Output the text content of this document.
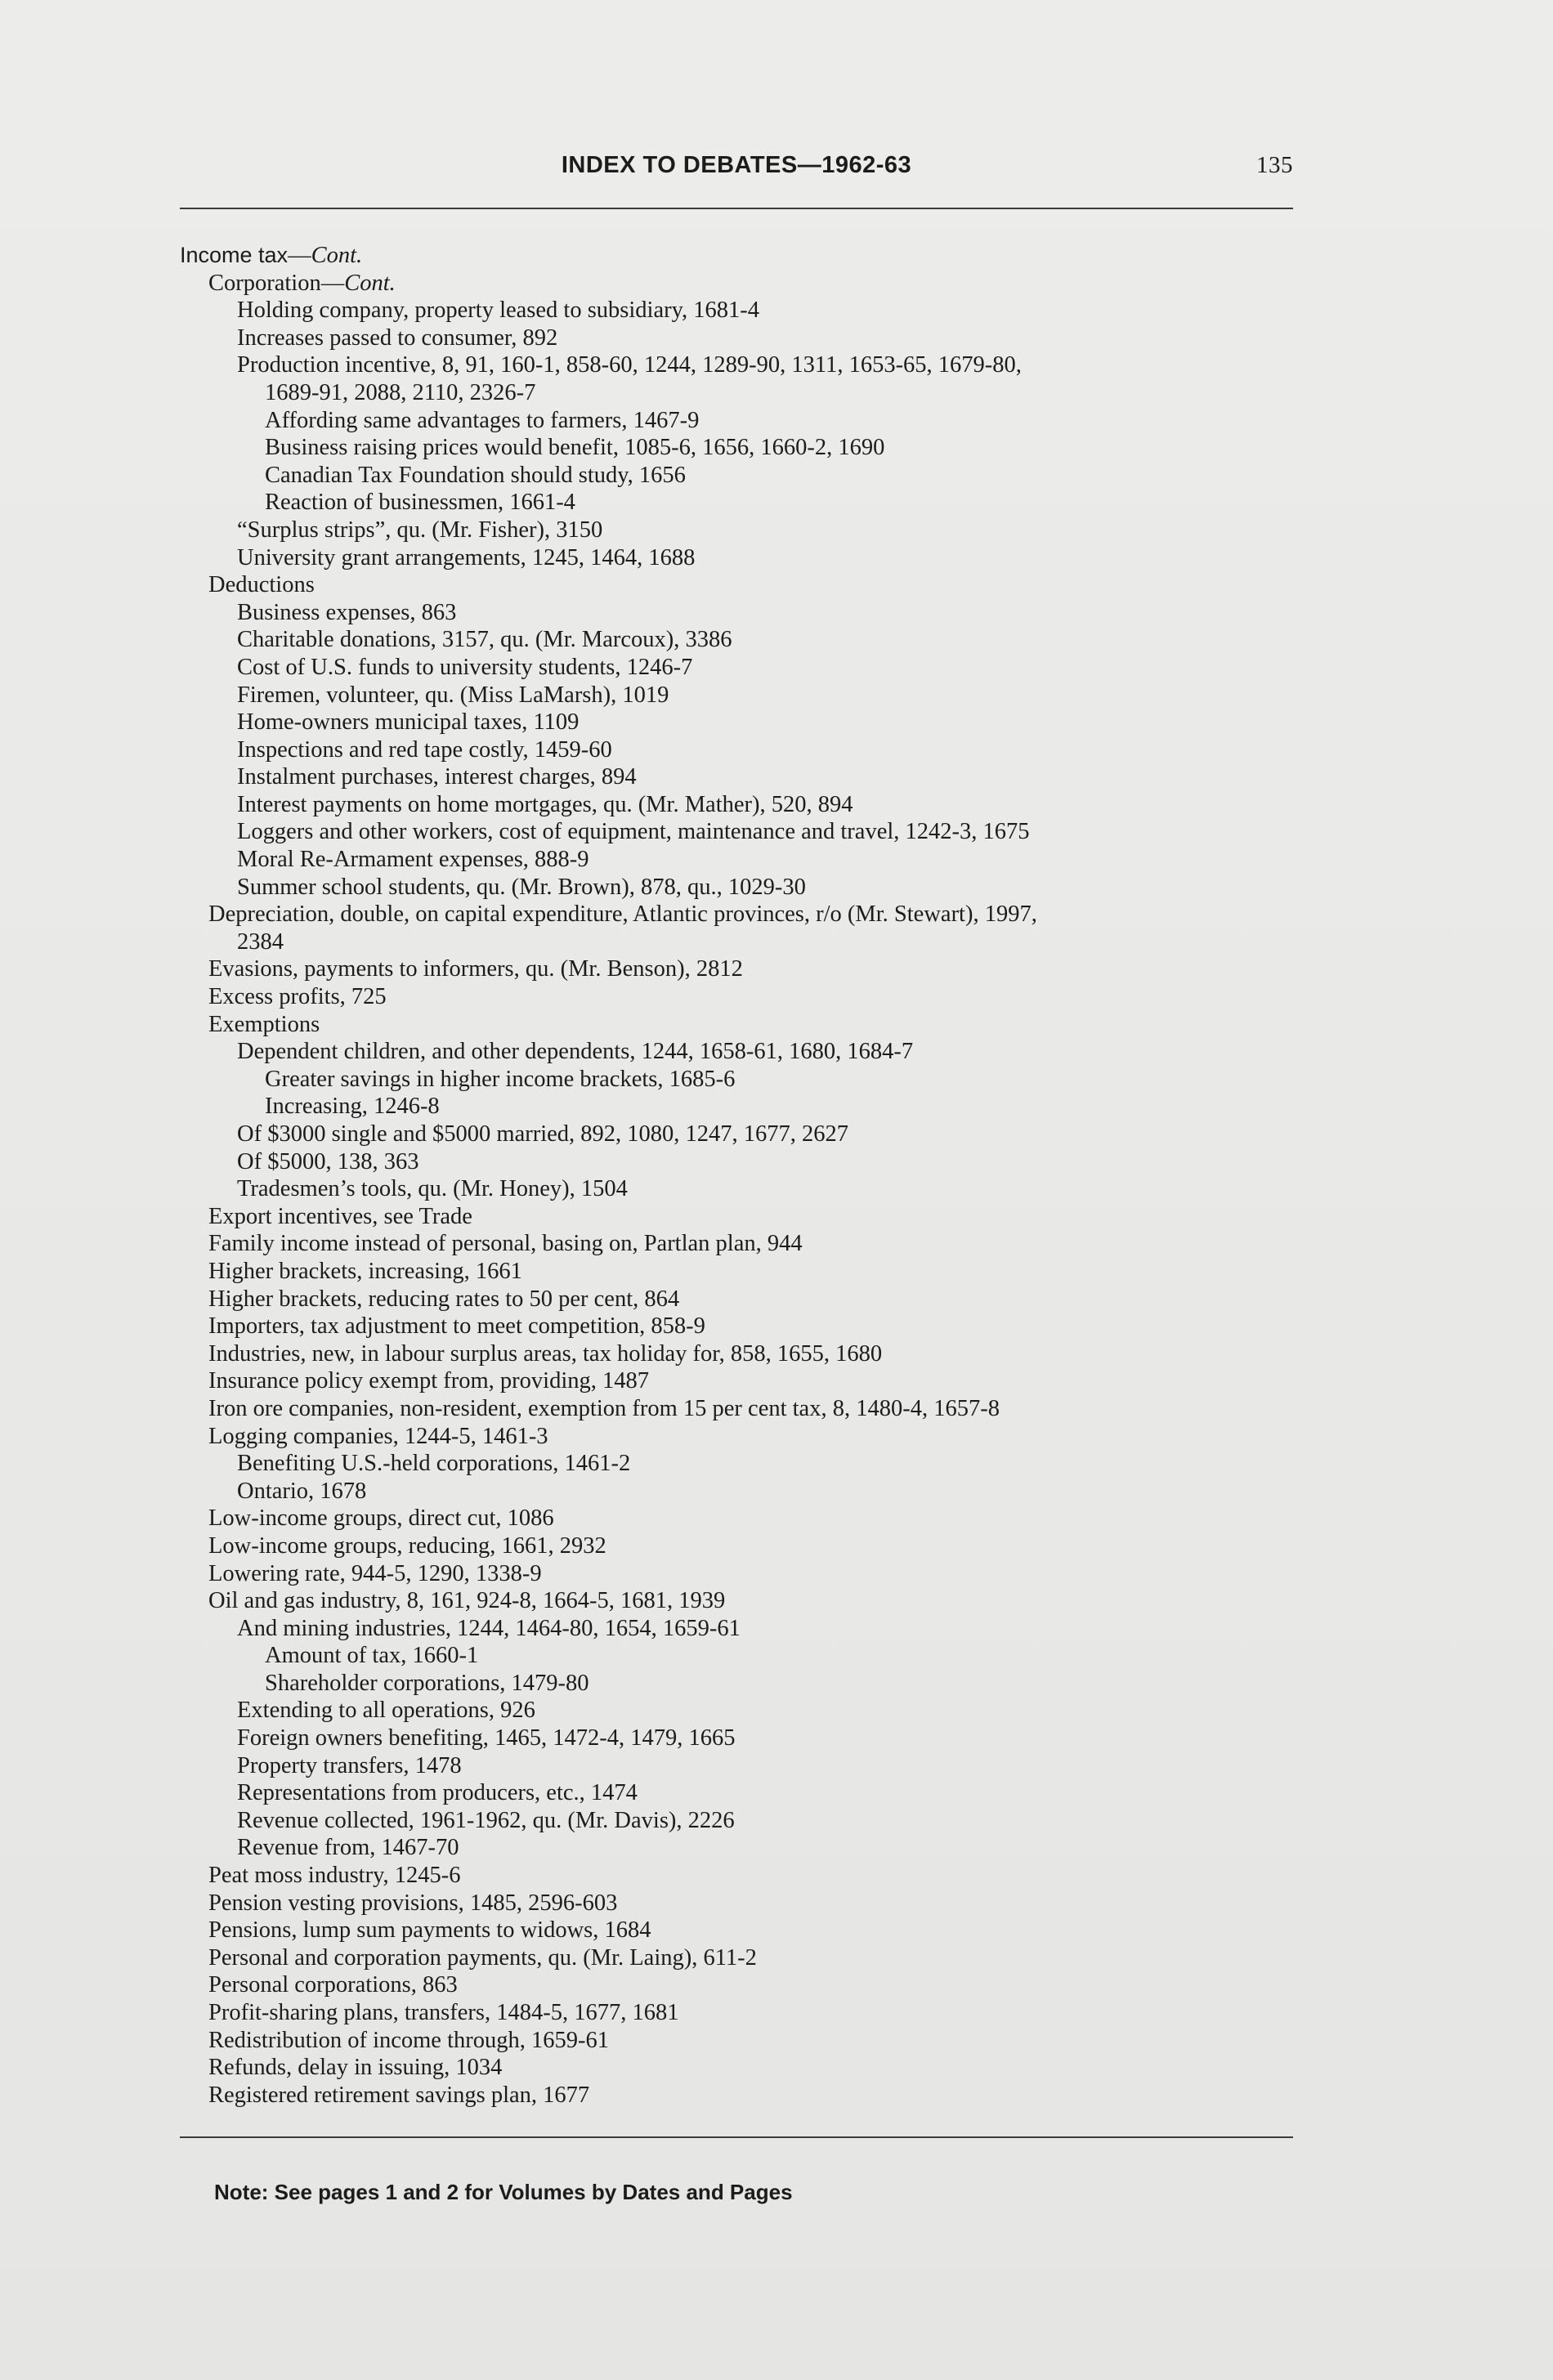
INDEX TO DEBATES—1962-63	135
Income tax—Cont.
Corporation—Cont.
Holding company, property leased to subsidiary, 1681-4
Increases passed to consumer, 892
Production incentive, 8, 91, 160-1, 858-60, 1244, 1289-90, 1311, 1653-65, 1679-80,
1689-91, 2088, 2110, 2326-7
Affording same advantages to farmers, 1467-9
Business raising prices would benefit, 1085-6, 1656, 1660-2, 1690
Canadian Tax Foundation should study, 1656
Reaction of businessmen, 1661-4
“Surplus strips”, qu. (Mr. Fisher), 3150
University grant arrangements, 1245, 1464, 1688
Deductions
Business expenses, 863
Charitable donations, 3157, qu. (Mr. Marcoux), 3386
Cost of U.S. funds to university students, 1246-7
Firemen, volunteer, qu. (Miss LaMarsh), 1019
Home-owners municipal taxes, 1109
Inspections and red tape costly, 1459-60
Instalment purchases, interest charges, 894
Interest payments on home mortgages, qu. (Mr. Mather), 520, 894
Loggers and other workers, cost of equipment, maintenance and travel, 1242-3, 1675
Moral Re-Armament expenses, 888-9
Summer school students, qu. (Mr. Brown), 878, qu., 1029-30
Depreciation, double, on capital expenditure, Atlantic provinces, r/o (Mr. Stewart), 1997,
2384
Evasions, payments to informers, qu. (Mr. Benson), 2812
Excess profits, 725
Exemptions
Dependent children, and other dependents, 1244, 1658-61, 1680, 1684-7
Greater savings in higher income brackets, 1685-6
Increasing, 1246-8
Of $3000 single and $5000 married, 892, 1080, 1247, 1677, 2627
Of $5000, 138, 363
Tradesmen’s tools, qu. (Mr. Honey), 1504
Export incentives, see Trade
Family income instead of personal, basing on, Partlan plan, 944
Higher brackets, increasing, 1661
Higher brackets, reducing rates to 50 per cent, 864
Importers, tax adjustment to meet competition, 858-9
Industries, new, in labour surplus areas, tax holiday for, 858, 1655, 1680
Insurance policy exempt from, providing, 1487
Iron ore companies, non-resident, exemption from 15 per cent tax, 8, 1480-4, 1657-8
Logging companies, 1244-5, 1461-3
Benefiting U.S.-held corporations, 1461-2
Ontario, 1678
Low-income groups, direct cut, 1086
Low-income groups, reducing, 1661, 2932
Lowering rate, 944-5, 1290, 1338-9
Oil and gas industry, 8, 161, 924-8, 1664-5, 1681, 1939
And mining industries, 1244, 1464-80, 1654, 1659-61
Amount of tax, 1660-1
Shareholder corporations, 1479-80
Extending to all operations, 926
Foreign owners benefiting, 1465, 1472-4, 1479, 1665
Property transfers, 1478
Representations from producers, etc., 1474
Revenue collected, 1961-1962, qu. (Mr. Davis), 2226
Revenue from, 1467-70
Peat moss industry, 1245-6
Pension vesting provisions, 1485, 2596-603
Pensions, lump sum payments to widows, 1684
Personal and corporation payments, qu. (Mr. Laing), 611-2
Personal corporations, 863
Profit-sharing plans, transfers, 1484-5, 1677, 1681
Redistribution of income through, 1659-61
Refunds, delay in issuing, 1034
Registered retirement savings plan, 1677
Note: See pages 1 and 2 for Volumes by Dates and Pages
